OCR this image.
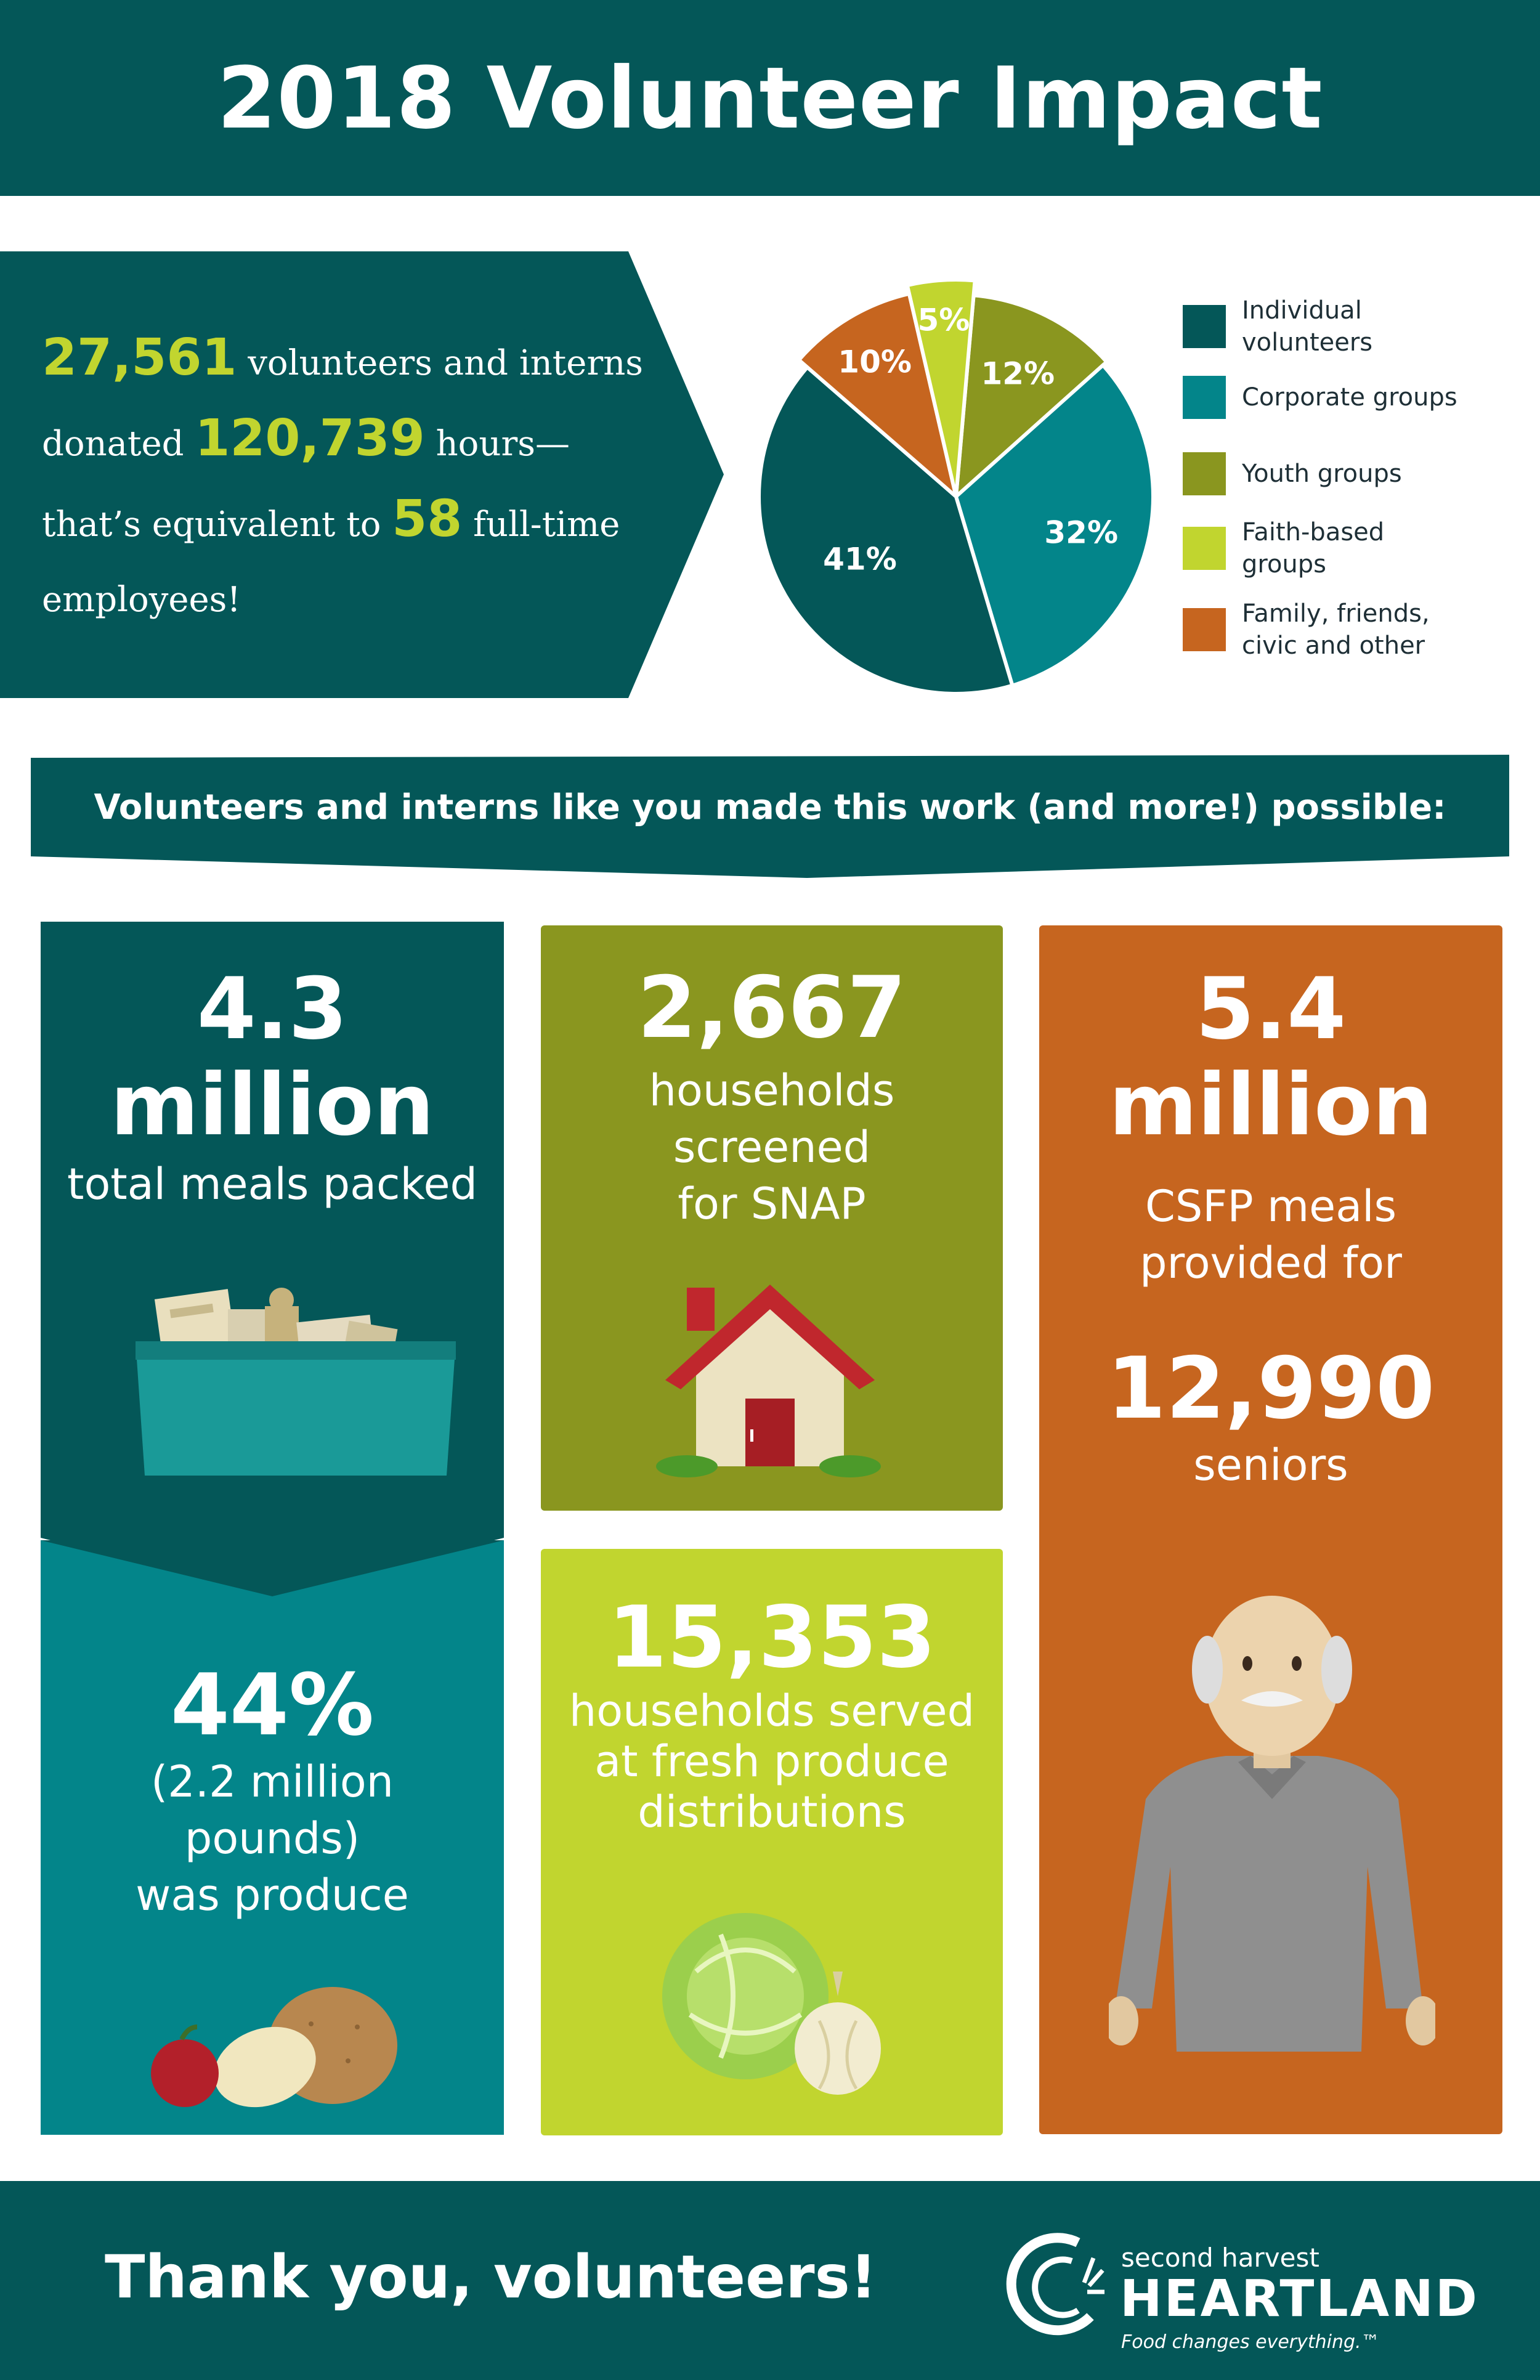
2018 Volunteer Impact
27,561 volunteers and interns
donated 120,739 hours—
that’s equivalent to 58 full-time
employees!
12%
32%
41%
10%
5%	Individual
volunteers
Corporate groups
Youth groups
Faith-based
groups
Family, friends,
civic and other
Volunteers and interns like you made this work (and more!) possible:
4.3
million
total meals packed
44%
(2.2 million
pounds)
was produce
2,667
households
screened
for SNAP
15,353
households served
at fresh produce
distributions
5.4
million
CSFP meals
provided for
12,990
seniors
Thank you, volunteers!	second harvest
HEARTLAND
Food changes everything.™
